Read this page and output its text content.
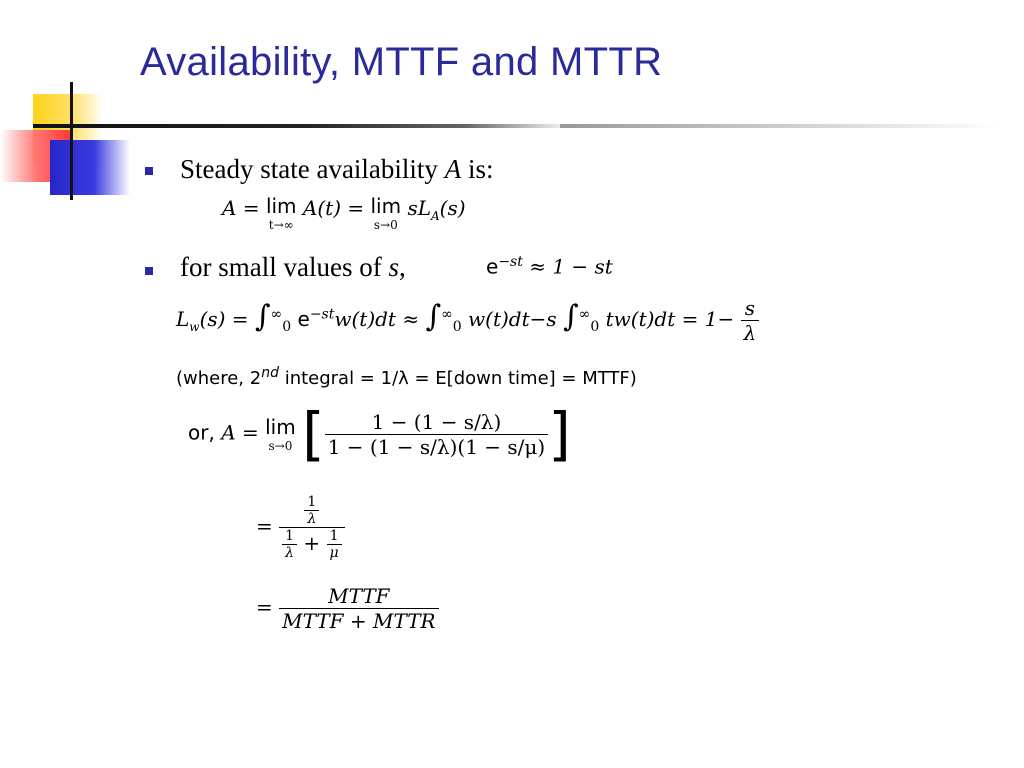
Availability, MTTF and MTTR
Steady state availability A is:
A = lim
t→∞
A(t) = lim
s→0
$sL_A(s)$
for small values of s,	$e^{-st} \approx 1$ − st
$L_w(s) = \int^\infty_0$ $e^{-st}w(t)dt \approx \int^\infty_0$ w(t)dt−s $\int^\infty_0$ $tw(t)dt = 1- \frac{s}{\lambda}$
(where, 2nd integral = 1/λ = E[down time] = MTTF)
or, A = lim
s→0 [ $\frac{1 - (1 - s/\lambda)}{1 - (1 - s/\lambda)(1 - s/\mu)}$ ]
= $\frac{\frac{1}{\lambda}}{\frac{1}{\lambda} + \frac{1}{\mu}}$
= $\frac{\text{MTTF}}{\text{MTTF + MTTR}}$
